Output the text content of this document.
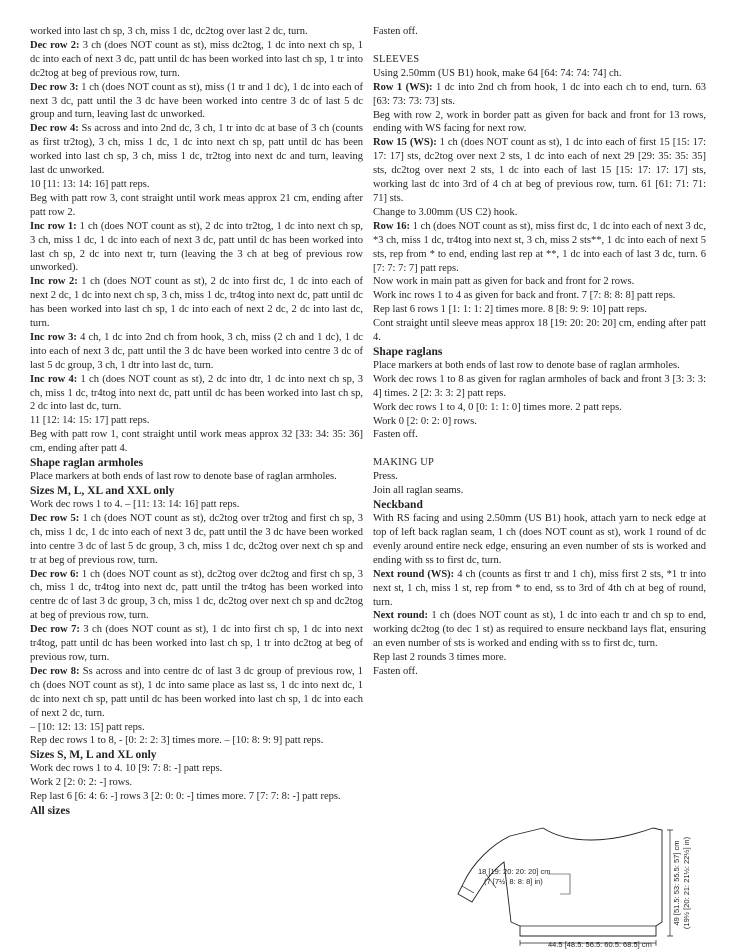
worked into last ch sp, 3 ch, miss 1 dc, dc2tog over last 2 dc, turn.

Dec row 2: 3 ch (does NOT count as st), miss dc2tog, 1 dc into next ch sp, 1 dc into each of next 3 dc, patt until dc has been worked into last ch sp, 1 tr into dc2tog at beg of previous row, turn.

Dec row 3: 1 ch (does NOT count as st), miss (1 tr and 1 dc), 1 dc into each of next 3 dc, patt until the 3 dc have been worked into centre 3 dc of last 5 dc group and turn, leaving last dc unworked.

Dec row 4: Ss across and into 2nd dc, 3 ch, 1 tr into dc at base of 3 ch (counts as first tr2tog), 3 ch, miss 1 dc, 1 dc into next ch sp, patt until dc has been worked into last ch sp, 3 ch, miss 1 dc, tr2tog into next dc and turn, leaving last dc unworked.

10 [11: 13: 14: 16] patt reps.

Beg with patt row 3, cont straight until work meas approx 21 cm, ending after patt row 2.

Inc row 1: 1 ch (does NOT count as st), 2 dc into tr2tog, 1 dc into next ch sp, 3 ch, miss 1 dc, 1 dc into each of next 3 dc, patt until dc has been worked into last ch sp, 2 dc into next tr, turn (leaving the 3 ch at beg of previous row unworked).

Inc row 2: 1 ch (does NOT count as st), 2 dc into first dc, 1 dc into each of next 2 dc, 1 dc into next ch sp, 3 ch, miss 1 dc, tr4tog into next dc, patt until dc has been worked into last ch sp, 1 dc into each of next 2 dc, 2 dc into last dc, turn.

Inc row 3: 4 ch, 1 dc into 2nd ch from hook, 3 ch, miss (2 ch and 1 dc), 1 dc into each of next 3 dc, patt until the 3 dc have been worked into centre 3 dc of last 5 dc group, 3 ch, 1 dtr into last dc, turn.

Inc row 4: 1 ch (does NOT count as st), 2 dc into dtr, 1 dc into next ch sp, 3 ch, miss 1 dc, tr4tog into next dc, patt until dc has been worked into last ch sp, 2 dc into last dc, turn.

11 [12: 14: 15: 17] patt reps.

Beg with patt row 1, cont straight until work meas approx 32 [33: 34: 35: 36] cm, ending after patt 4.

Shape raglan armholes

Place markers at both ends of last row to denote base of raglan armholes.

Sizes M, L, XL and XXL only

Work dec rows 1 to 4. – [11: 13: 14: 16] patt reps.

Dec row 5: 1 ch (does NOT count as st), dc2tog over tr2tog and first ch sp, 3 ch, miss 1 dc, 1 dc into each of next 3 dc, patt until the 3 dc have been worked into centre 3 dc of last 5 dc group, 3 ch, miss 1 dc, dc2tog over next ch sp and tr at beg of previous row, turn.

Dec row 6: 1 ch (does NOT count as st), dc2tog over dc2tog and first ch sp, 3 ch, miss 1 dc, tr4tog into next dc, patt until the tr4tog has been worked into centre dc of last 3 dc group, 3 ch, miss 1 dc, dc2tog over next ch sp and dc2tog at beg of previous row, turn.

Dec row 7: 3 ch (does NOT count as st), 1 dc into first ch sp, 1 dc into next tr4tog, patt until dc has been worked into last ch sp, 1 tr into dc2tog at beg of previous row, turn.

Dec row 8: Ss across and into centre dc of last 3 dc group of previous row, 1 ch (does NOT count as st), 1 dc into same place as last ss, 1 dc into next dc, 1 dc into next ch sp, patt until dc has been worked into last ch sp, 1 dc into each of next 2 dc, turn.

– [10: 12: 13: 15] patt reps.

Rep dec rows 1 to 8, - [0: 2: 2: 3] times more. – [10: 8: 9: 9] patt reps.

Sizes S, M, L and XL only

Work dec rows 1 to 4. 10 [9: 7: 8: -] patt reps.

Work 2 [2: 0: 2: -] rows.

Rep last 6 [6: 4: 6: -] rows 3 [2: 0: 0: -] times more. 7 [7: 7: 8: -] patt reps.

All sizes

Fasten off.

SLEEVES

Using 2.50mm (US B1) hook, make 64 [64: 74: 74: 74] ch.

Row 1 (WS): 1 dc into 2nd ch from hook, 1 dc into each ch to end, turn. 63 [63: 73: 73: 73] sts.

Beg with row 2, work in border patt as given for back and front for 13 rows, ending with WS facing for next row.

Row 15 (WS): 1 ch (does NOT count as st), 1 dc into each of first 15 [15: 17: 17: 17] sts, dc2tog over next 2 sts, 1 dc into each of next 29 [29: 35: 35: 35] sts, dc2tog over next 2 sts, 1 dc into each of last 15 [15: 17: 17: 17] sts, working last dc into 3rd of 4 ch at beg of previous row, turn. 61 [61: 71: 71: 71] sts.

Change to 3.00mm (US C2) hook.

Row 16: 1 ch (does NOT count as st), miss first dc, 1 dc into each of next 3 dc, *3 ch, miss 1 dc, tr4tog into next st, 3 ch, miss 2 sts**, 1 dc into each of next 5 sts, rep from * to end, ending last rep at **, 1 dc into each of last 3 dc, turn. 6 [7: 7: 7: 7] patt reps.

Now work in main patt as given for back and front for 2 rows.

Work inc rows 1 to 4 as given for back and front. 7 [7: 8: 8: 8] patt reps.

Rep last 6 rows 1 [1: 1: 1: 2] times more. 8 [8: 9: 9: 10] patt reps.

Cont straight until sleeve meas approx 18 [19: 20: 20: 20] cm, ending after patt 4.

Shape raglans

Place markers at both ends of last row to denote base of raglan armholes.

Work dec rows 1 to 8 as given for raglan armholes of back and front 3 [3: 3: 3: 4] times. 2 [2: 3: 3: 2] patt reps.

Work dec rows 1 to 4, 0 [0: 1: 1: 0] times more. 2 patt reps.

Work 0 [2: 0: 2: 0] rows.

Fasten off.

MAKING UP

Press.

Join all raglan seams.

Neckband

With RS facing and using 2.50mm (US B1) hook, attach yarn to neck edge at top of left back raglan seam, 1 ch (does NOT count as st), work 1 round of dc evenly around entire neck edge, ensuring an even number of sts is worked and ending with ss to first dc, turn.

Next round (WS): 4 ch (counts as first tr and 1 ch), miss first 2 sts, *1 tr into next st, 1 ch, miss 1 st, rep from * to end, ss to 3rd of 4th ch at beg of round, turn.

Next round: 1 ch (does NOT count as st), 1 dc into each tr and ch sp to end, working dc2tog (to dec 1 st) as required to ensure neckband lays flat, ensuring an even number of sts is worked and ending with ss to first dc, turn.

Rep last 2 rounds 3 times more.

Fasten off.

18 [19: 20: 20: 20] cm
(7 [7½: 8: 8: 8] in)
44.5 [48.5: 56.5: 60.5: 68.5] cm
49 [51.5: 53: 55.5: 57] cm (19½ [20: 21: 21½: 22½] in)
